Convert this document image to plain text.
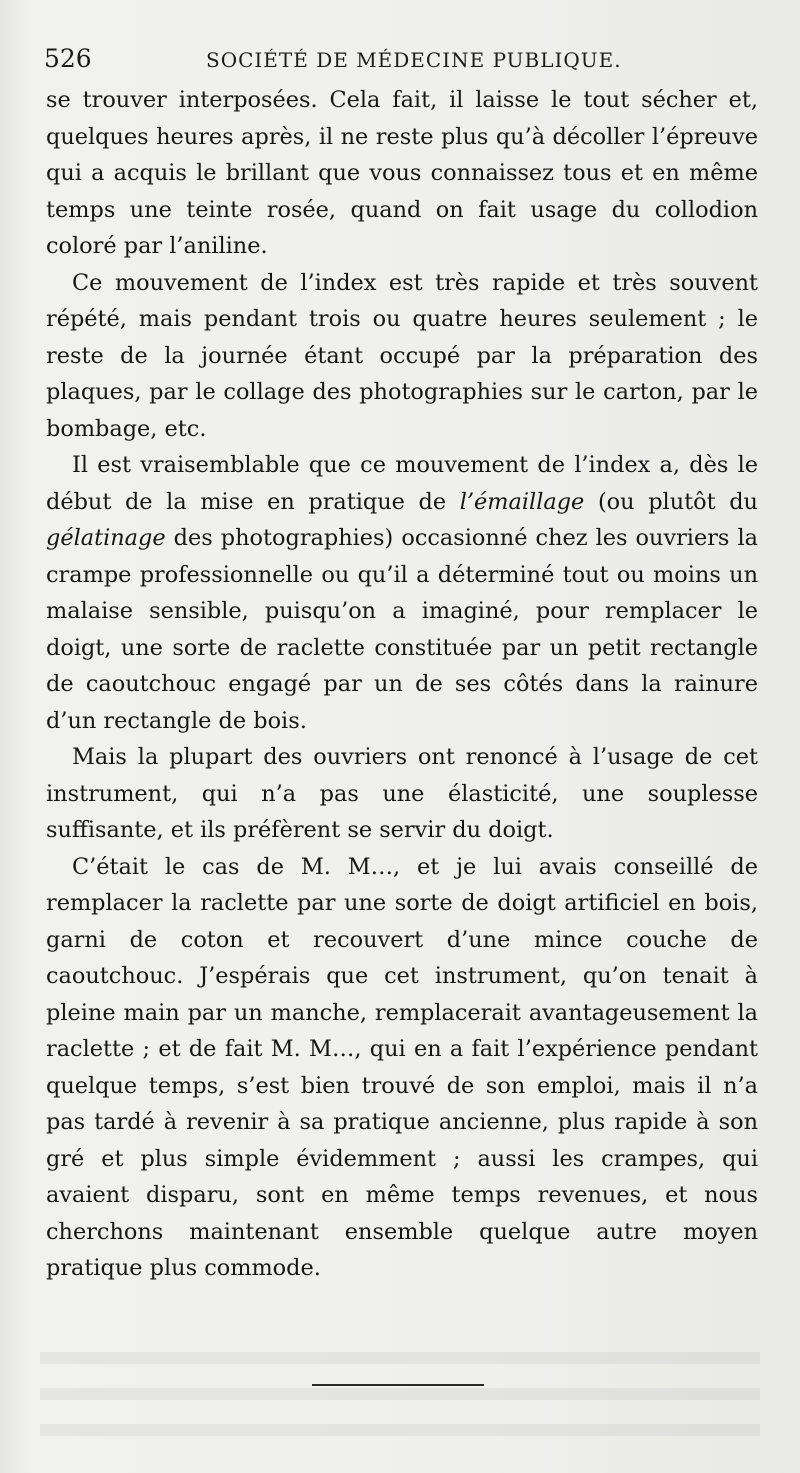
526	SOCIÉTÉ DE MÉDECINE PUBLIQUE.

se trouver interposées. Cela fait, il laisse le tout sécher et, quelques heures après, il ne reste plus qu’à décoller l’épreuve qui a acquis le brillant que vous connaissez tous et en même temps une teinte rosée, quand on fait usage du collodion coloré par l’aniline.

Ce mouvement de l’index est très rapide et très souvent répété, mais pendant trois ou quatre heures seulement ; le reste de la journée étant occupé par la préparation des plaques, par le collage des photographies sur le carton, par le bombage, etc.

Il est vraisemblable que ce mouvement de l’index a, dès le début de la mise en pratique de l’émaillage (ou plutôt du gélatinage des photographies) occasionné chez les ouvriers la crampe professionnelle ou qu’il a déterminé tout ou moins un malaise sensible, puisqu’on a imaginé, pour remplacer le doigt, une sorte de raclette constituée par un petit rectangle de caoutchouc engagé par un de ses côtés dans la rainure d’un rectangle de bois.

Mais la plupart des ouvriers ont renoncé à l’usage de cet instrument, qui n’a pas une élasticité, une souplesse suffisante, et ils préfèrent se servir du doigt.

C’était le cas de M. M…, et je lui avais conseillé de remplacer la raclette par une sorte de doigt artificiel en bois, garni de coton et recouvert d’une mince couche de caoutchouc. J’espérais que cet instrument, qu’on tenait à pleine main par un manche, remplacerait avantageusement la raclette ; et de fait M. M…, qui en a fait l’expérience pendant quelque temps, s’est bien trouvé de son emploi, mais il n’a pas tardé à revenir à sa pratique ancienne, plus rapide à son gré et plus simple évidemment ; aussi les crampes, qui avaient disparu, sont en même temps revenues, et nous cherchons maintenant ensemble quelque autre moyen pratique plus commode.
